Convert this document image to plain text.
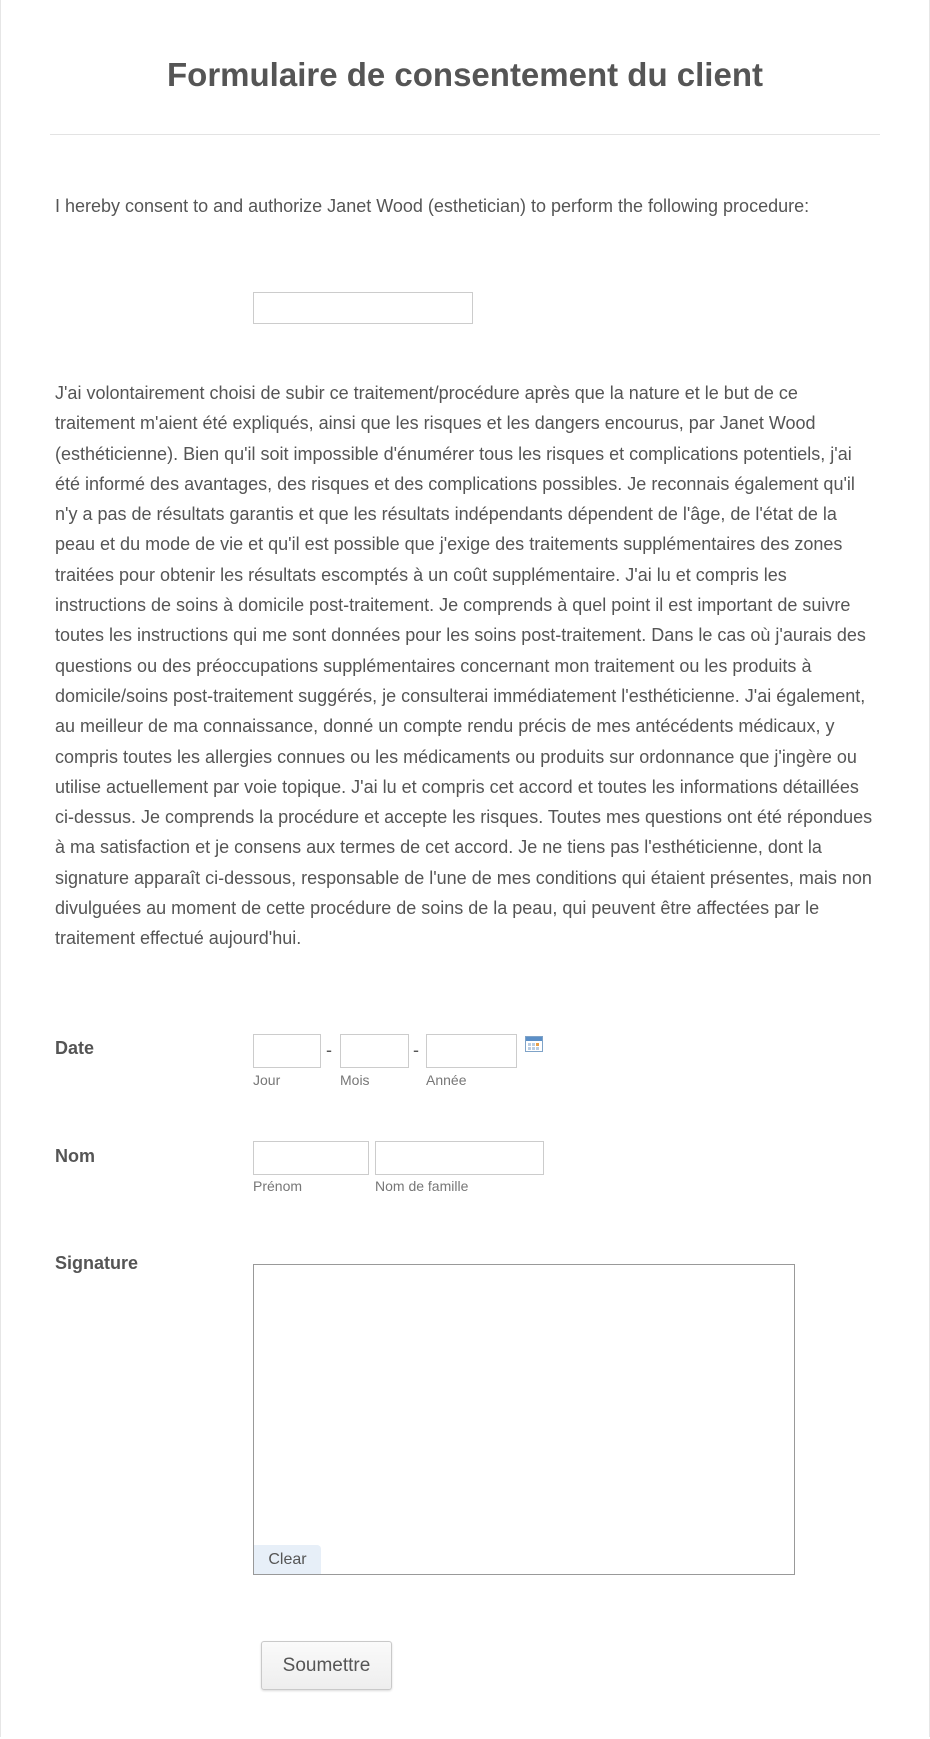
Formulaire de consentement du client

I hereby consent to and authorize Janet Wood (esthetician) to perform the following procedure:

J'ai volontairement choisi de subir ce traitement/procédure après que la nature et le but de ce traitement m'aient été expliqués, ainsi que les risques et les dangers encourus, par Janet Wood (esthéticienne). Bien qu'il soit impossible d'énumérer tous les risques et complications potentiels, j'ai été informé des avantages, des risques et des complications possibles. Je reconnais également qu'il n'y a pas de résultats garantis et que les résultats indépendants dépendent de l'âge, de l'état de la peau et du mode de vie et qu'il est possible que j'exige des traitements supplémentaires des zones traitées pour obtenir les résultats escomptés à un coût supplémentaire. J'ai lu et compris les instructions de soins à domicile post-traitement. Je comprends à quel point il est important de suivre toutes les instructions qui me sont données pour les soins post-traitement. Dans le cas où j'aurais des questions ou des préoccupations supplémentaires concernant mon traitement ou les produits à domicile/soins post-traitement suggérés, je consulterai immédiatement l'esthéticienne. J'ai également, au meilleur de ma connaissance, donné un compte rendu précis de mes antécédents médicaux, y compris toutes les allergies connues ou les médicaments ou produits sur ordonnance que j'ingère ou utilise actuellement par voie topique. J'ai lu et compris cet accord et toutes les informations détaillées ci-dessus. Je comprends la procédure et accepte les risques. Toutes mes questions ont été répondues à ma satisfaction et je consens aux termes de cet accord. Je ne tiens pas l'esthéticienne, dont la signature apparaît ci-dessous, responsable de l'une de mes conditions qui étaient présentes, mais non divulguées au moment de cette procédure de soins de la peau, qui peuvent être affectées par le traitement effectué aujourd'hui.

Date	-	-
Jour	Mois	Année
Nom
Prénom	Nom de famille
Signature
Clear
Soumettre
